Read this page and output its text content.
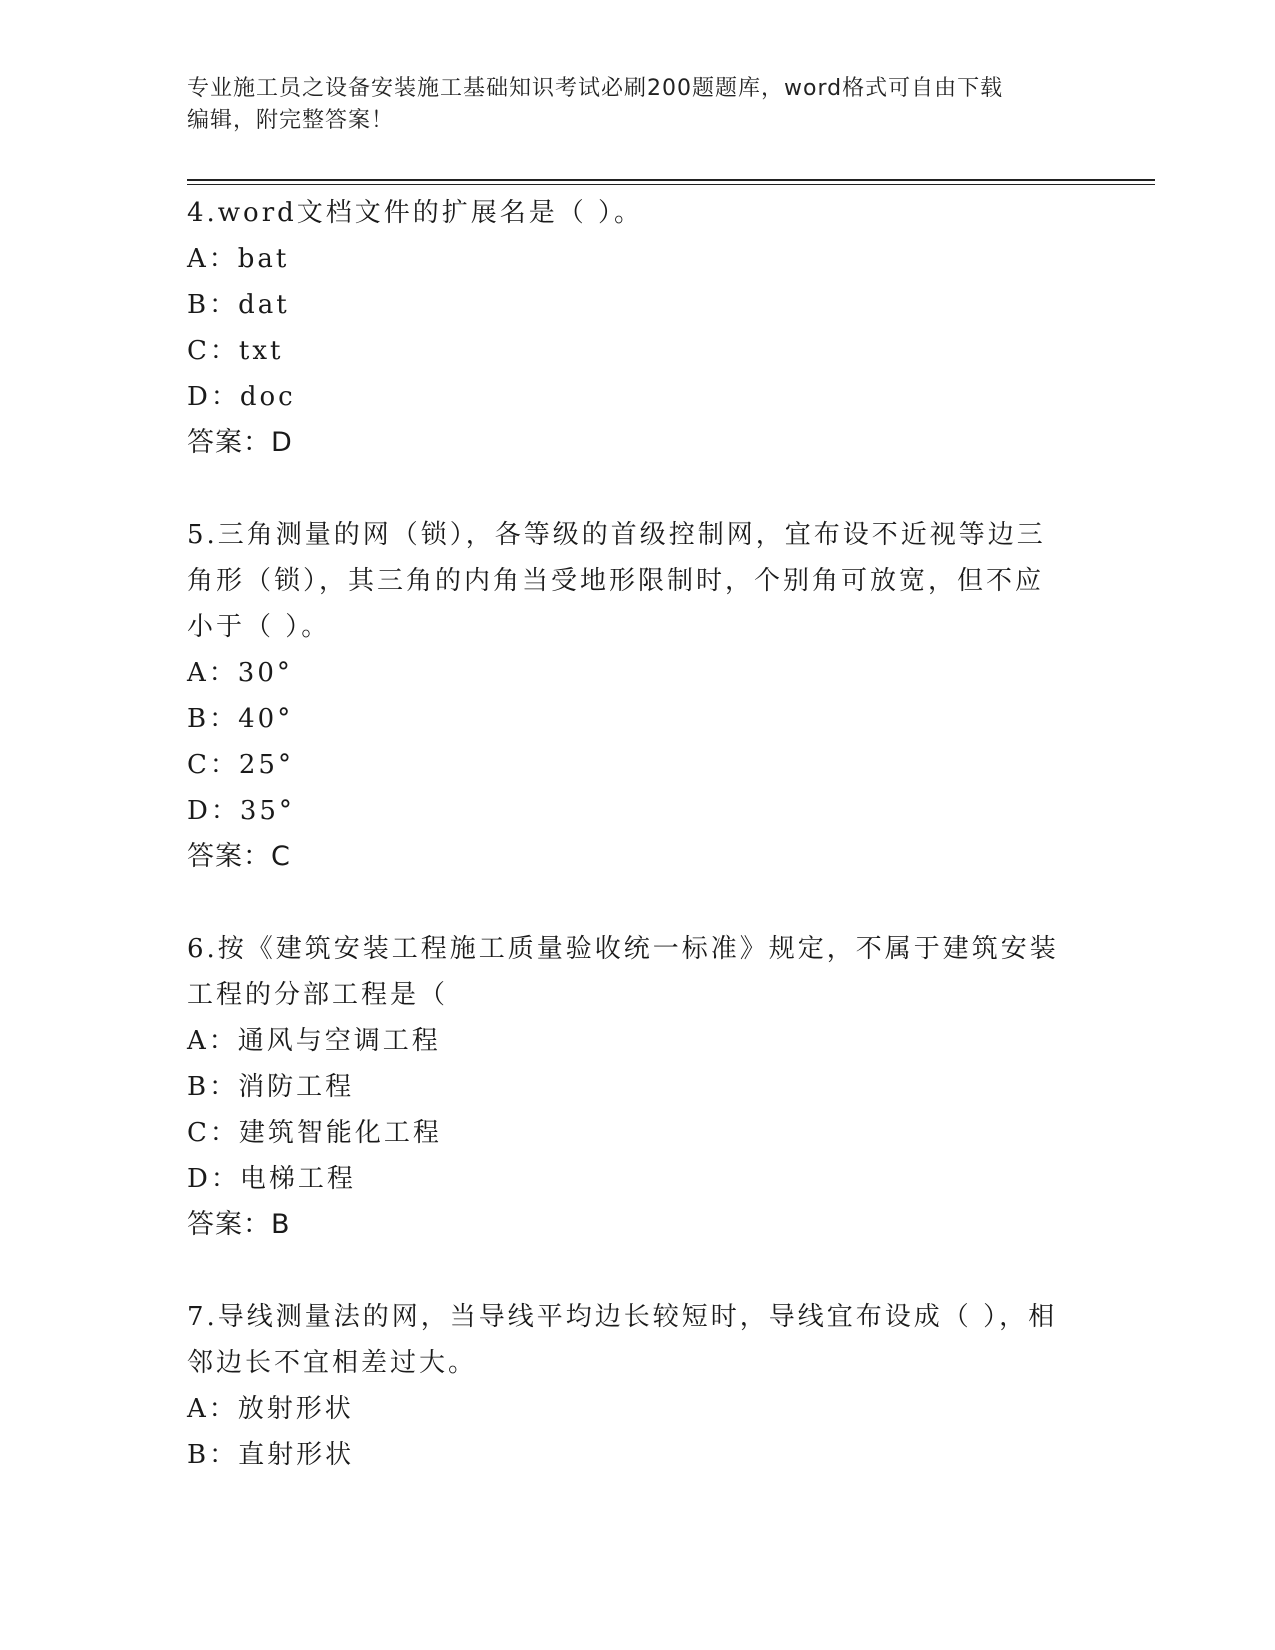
专业施工员之设备安装施工基础知识考试必刷200题题库，word格式可自由下载
编辑，附完整答案！
4.word文档文件的扩展名是（ ）。
A：bat
B：dat
C：txt
D：doc
答案：D
5.三角测量的网（锁），各等级的首级控制网，宜布设不近视等边三
角形（锁），其三角的内角当受地形限制时，个别角可放宽，但不应
小于（ ）。
A：30°
B：40°
C：25°
D：35°
答案：C
6.按《建筑安装工程施工质量验收统一标准》规定，不属于建筑安装
工程的分部工程是（
A：通风与空调工程
B：消防工程
C：建筑智能化工程
D：电梯工程
答案：B
7.导线测量法的网，当导线平均边长较短时，导线宜布设成（ ），相
邻边长不宜相差过大。
A：放射形状
B：直射形状
